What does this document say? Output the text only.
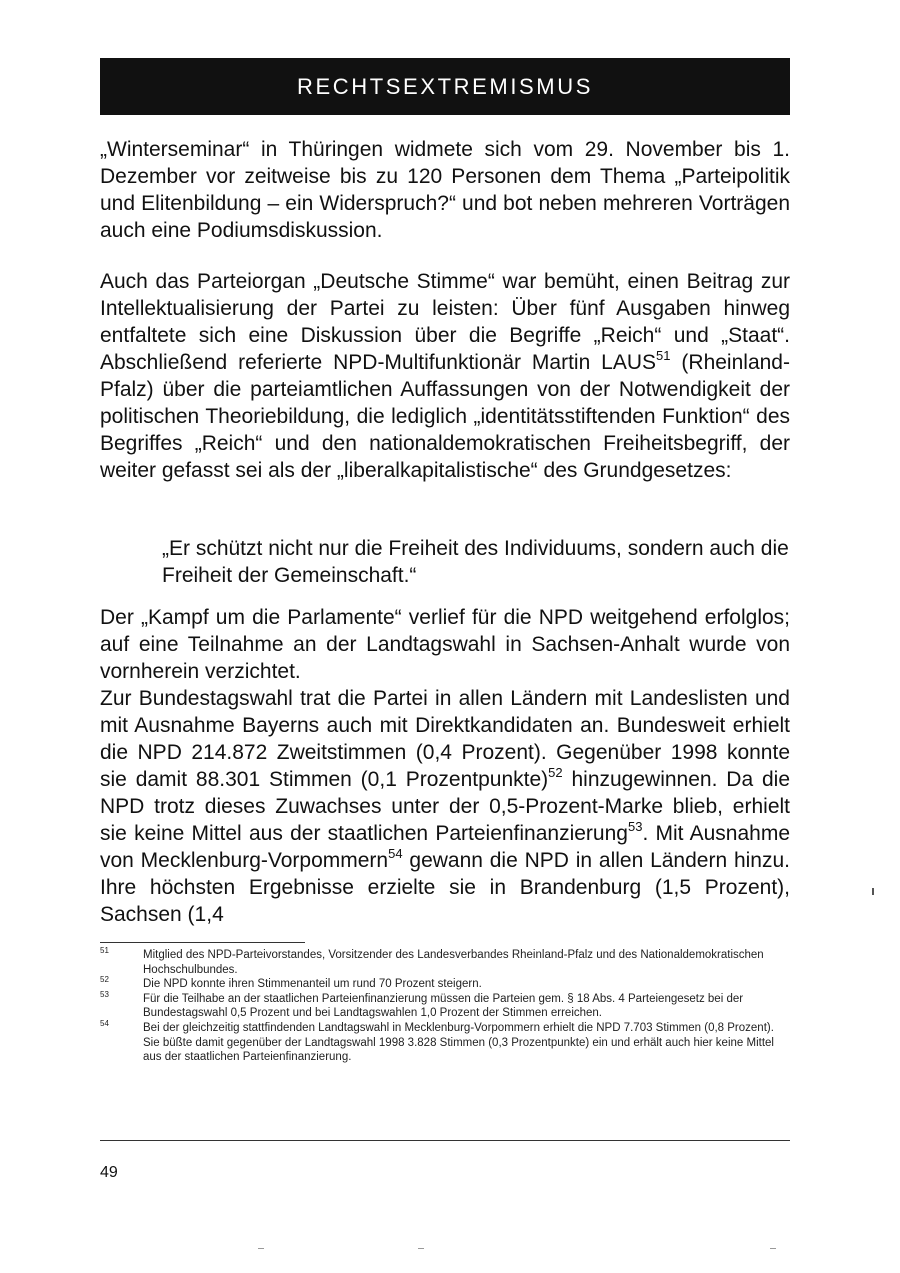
RECHTSEXTREMISMUS

„Winterseminar“ in Thüringen widmete sich vom 29. November bis 1. Dezember vor zeitweise bis zu 120 Personen dem Thema „Parteipolitik und Elitenbildung – ein Widerspruch?“ und bot neben mehreren Vorträgen auch eine Podiumsdiskussion.

Auch das Parteiorgan „Deutsche Stimme“ war bemüht, einen Beitrag zur Intellektualisierung der Partei zu leisten: Über fünf Ausgaben hinweg entfaltete sich eine Diskussion über die Begriffe „Reich“ und „Staat“. Abschließend referierte NPD-Multifunktionär Martin LAUS$^{51}$ (Rheinland-Pfalz) über die parteiamtlichen Auffassungen von der Notwendigkeit der politischen Theoriebildung, die lediglich „identitätsstiftenden Funktion“ des Begriffes „Reich“ und den nationaldemokratischen Freiheitsbegriff, der weiter gefasst sei als der „liberalkapitalistische“ des Grundgesetzes:

„Er schützt nicht nur die Freiheit des Individuums, sondern auch die Freiheit der Gemeinschaft.“

Der „Kampf um die Parlamente“ verlief für die NPD weitgehend erfolglos; auf eine Teilnahme an der Landtagswahl in Sachsen-Anhalt wurde von vornherein verzichtet.

Zur Bundestagswahl trat die Partei in allen Ländern mit Landeslisten und mit Ausnahme Bayerns auch mit Direktkandidaten an. Bundesweit erhielt die NPD 214.872 Zweitstimmen (0,4 Prozent). Gegenüber 1998 konnte sie damit 88.301 Stimmen (0,1 Prozentpunkte)$^{52}$ hinzugewinnen. Da die NPD trotz dieses Zuwachses unter der 0,5-Prozent-Marke blieb, erhielt sie keine Mittel aus der staatlichen Parteienfinanzierung$^{53}$. Mit Ausnahme von Mecklenburg-Vorpommern$^{54}$ gewann die NPD in allen Ländern hinzu. Ihre höchsten Ergebnisse erzielte sie in Brandenburg (1,5 Prozent), Sachsen (1,4

51	Mitglied des NPD-Parteivorstandes, Vorsitzender des Landesverbandes Rheinland-Pfalz und des Nationaldemokratischen Hochschulbundes.

52	Die NPD konnte ihren Stimmenanteil um rund 70 Prozent steigern.

53	Für die Teilhabe an der staatlichen Parteienfinanzierung müssen die Parteien gem. § 18 Abs. 4 Parteiengesetz bei der Bundestagswahl 0,5 Prozent und bei Landtagswahlen 1,0 Prozent der Stimmen erreichen.

54	Bei der gleichzeitig stattfindenden Landtagswahl in Mecklenburg-Vorpommern erhielt die NPD 7.703 Stimmen (0,8 Prozent). Sie büßte damit gegenüber der Landtagswahl 1998 3.828 Stimmen (0,3 Prozentpunkte) ein und erhält auch hier keine Mittel aus der staatlichen Parteienfinanzierung.

49
